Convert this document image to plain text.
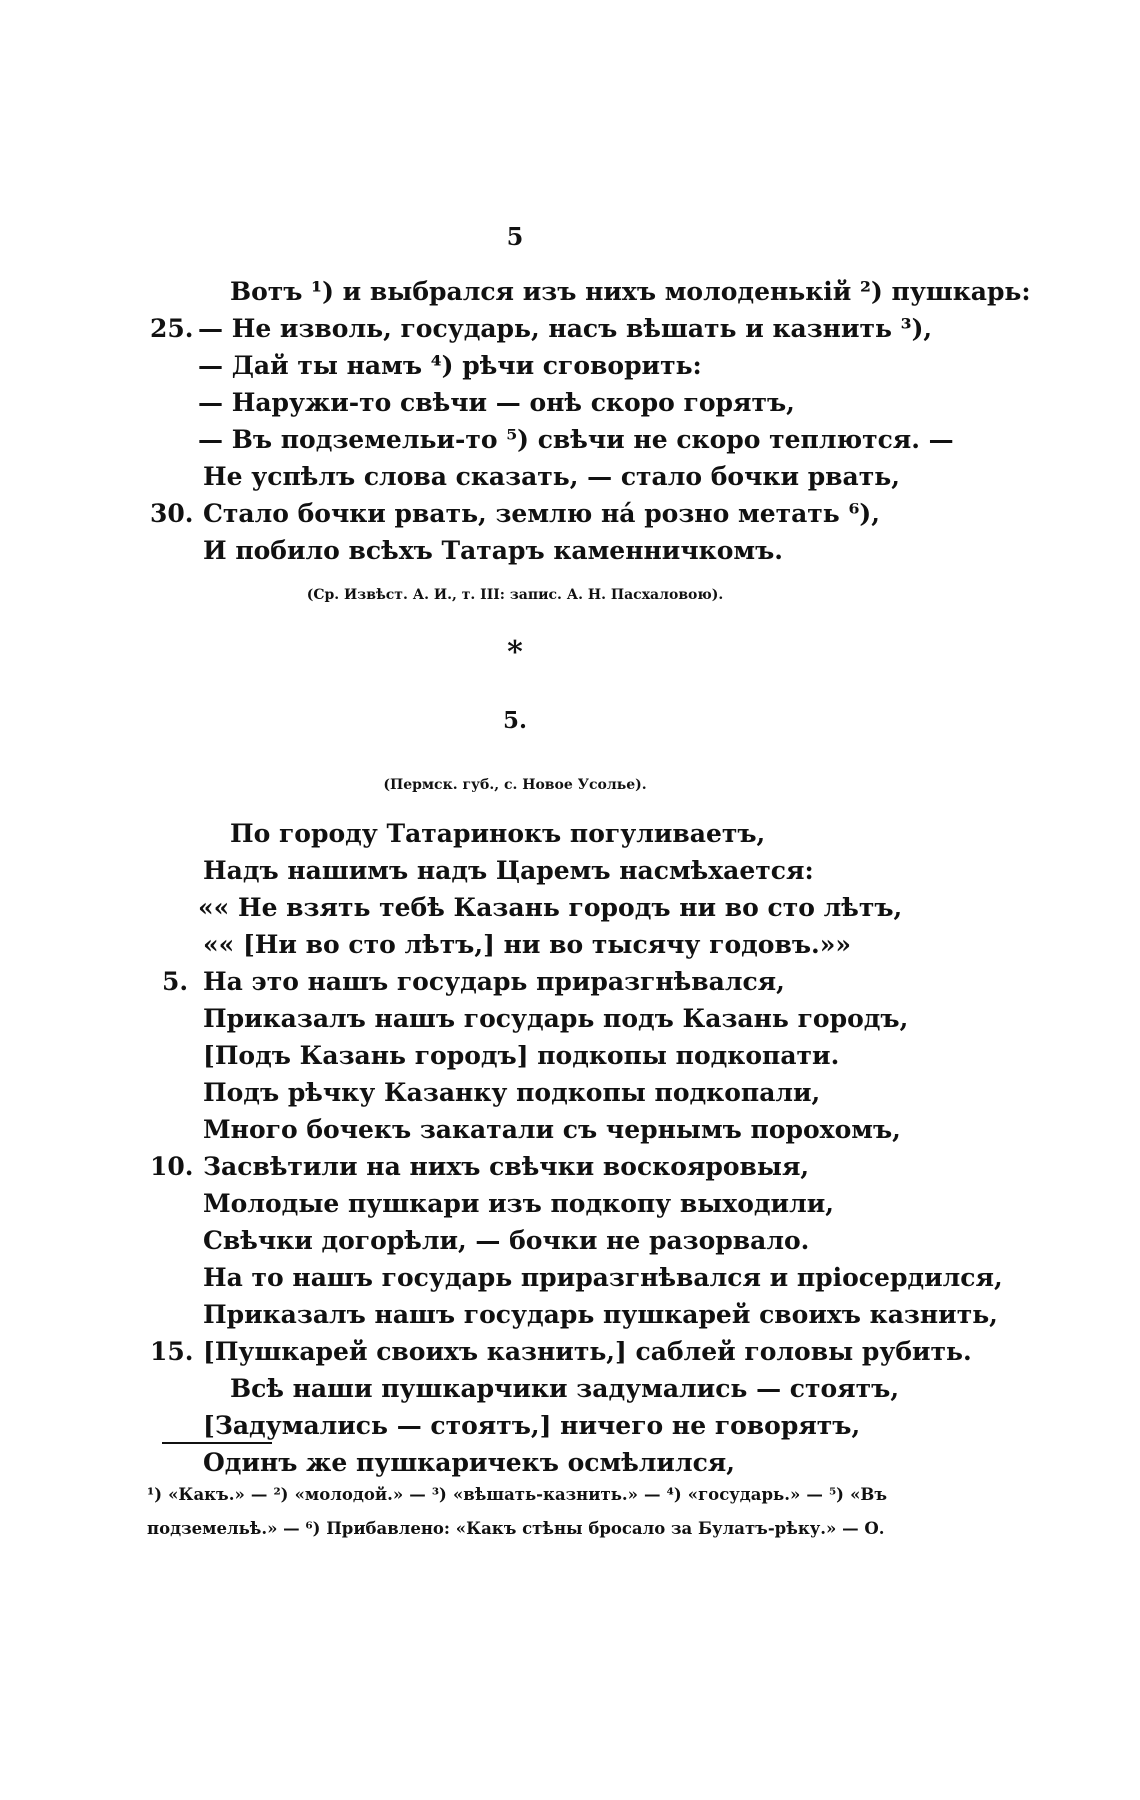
5
Вотъ ¹) и выбрался изъ нихъ молоденькій ²) пушкарь:
25. — Не изволь, государь, насъ вѣшать и казнить ³),
— Дай ты намъ ⁴) рѣчи сговорить:
— Наружи-то свѣчи — онѣ скоро горятъ,
— Въ подземельи-то ⁵) свѣчи не скоро теплются. —
Не успѣлъ слова сказать, — стало бочки рвать,
30. Стало бочки рвать, землю на́ розно метать ⁶),
И побило всѣхъ Татаръ каменничкомъ.
(Ср. Извѣст. А. И., т. III: запис. А. Н. Пасхаловою).
*
5.
(Пермск. губ., с. Новое Усолье).
По городу Татаринокъ погуливаетъ,
Надъ нашимъ надъ Царемъ насмѣхается:
«« Не взять тебѣ Казань городъ ни во сто лѣтъ,
«« [Ни во сто лѣтъ,] ни во тысячу годовъ.»»
5. На это нашъ государь приразгнѣвался,
Приказалъ нашъ государь подъ Казань городъ,
[Подъ Казань городъ] подкопы подкопати.
Подъ рѣчку Казанку подкопы подкопали,
Много бочекъ закатали съ чернымъ порохомъ,
10. Засвѣтили на нихъ свѣчки воскояровыя,
Молодые пушкари изъ подкопу выходили,
Свѣчки догорѣли, — бочки не разорвало.
На то нашъ государь приразгнѣвался и пріосердился,
Приказалъ нашъ государь пушкарей своихъ казнить,
15. [Пушкарей своихъ казнить,] саблей головы рубить.
Всѣ наши пушкарчики задумались — стоятъ,
[Задумались — стоятъ,] ничего не говорятъ,
Одинъ же пушкаричекъ осмѣлился,
¹) «Какъ.» — ²) «молодой.» — ³) «вѣшать-казнить.» — ⁴) «государь.» — ⁵) «Въ подземельѣ.» — ⁶) Прибавлено: «Какъ стѣны бросало за Булатъ-рѣку.» — О.
